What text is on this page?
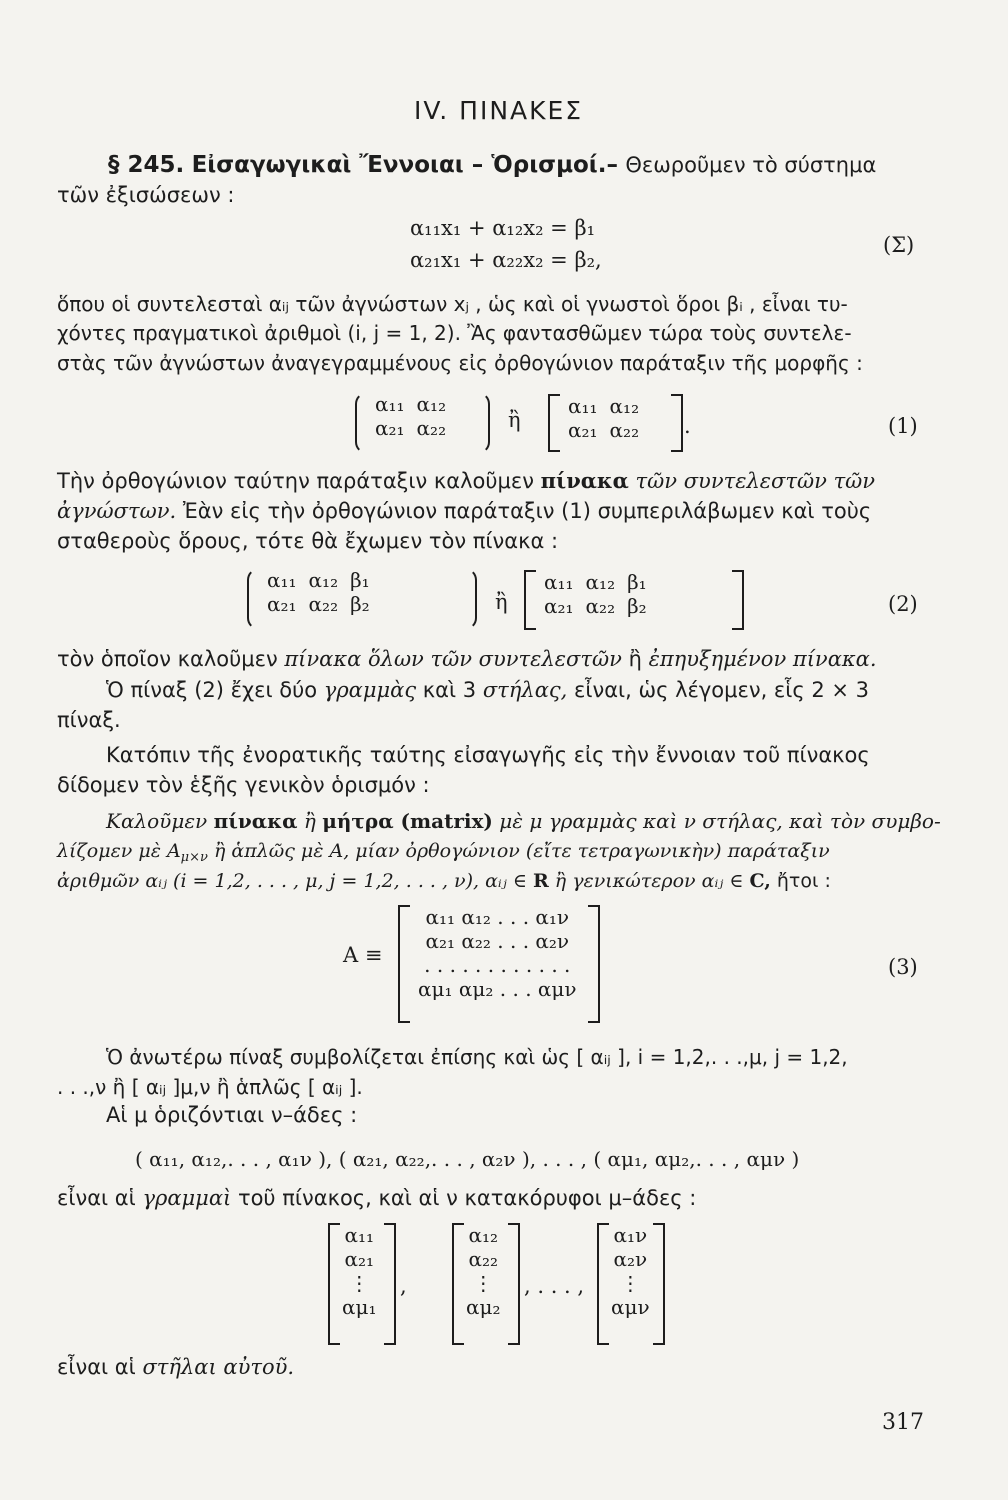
IV. ΠΙΝΑΚΕΣ
§ 245. Εἰσαγωγικαὶ Ἔννοιαι – Ὁρισμοί.– Θεωροῦμεν τὸ σύστημα
τῶν ἐξισώσεων :
α₁₁x₁ + α₁₂x₂ = β₁
α₂₁x₁ + α₂₂x₂ = β₂,
(Σ)
ὅπου οἱ συντελεσταὶ αᵢⱼ τῶν ἀγνώστων xⱼ , ὡς καὶ οἱ γνωστοὶ ὅροι βᵢ , εἶναι τυ-
χόντες πραγματικοὶ ἀριθμοὶ (i, j = 1, 2). Ἂς φαντασθῶμεν τώρα τοὺς συντελε-
στὰς τῶν ἀγνώστων ἀναγεγραμμένους εἰς ὀρθογώνιον παράταξιν τῆς μορφῆς :
α₁₁	α₁₂
α₂₁	α₂₂	ἢ
α₁₁	α₁₂
α₂₁	α₂₂ .	(1)
Τὴν ὀρθογώνιον ταύτην παράταξιν καλοῦμεν πίνακα τῶν συντελεστῶν τῶν
ἀγνώστων. Ἐὰν εἰς τὴν ὀρθογώνιον παράταξιν (1) συμπεριλάβωμεν καὶ τοὺς
σταθεροὺς ὅρους, τότε θὰ ἔχωμεν τὸν πίνακα :
α₁₁	α₁₂	β₁
α₂₁	α₂₂	β₂	ἢ
α₁₁	α₁₂	β₁
α₂₁	α₂₂	β₂	(2)
τὸν ὁποῖον καλοῦμεν πίνακα ὅλων τῶν συντελεστῶν ἢ ἐπηυξημένον πίνακα.
Ὁ πίναξ (2) ἔχει δύο γραμμὰς καὶ 3 στήλας, εἶναι, ὡς λέγομεν, εἷς 2 × 3
πίναξ.
Κατόπιν τῆς ἐνορατικῆς ταύτης εἰσαγωγῆς εἰς τὴν ἔννοιαν τοῦ πίνακος
δίδομεν τὸν ἑξῆς γενικὸν ὁρισμόν :
Καλοῦμεν πίνακα ἢ μήτρα (matrix) μὲ μ γραμμὰς καὶ ν στήλας, καὶ τὸν συμβο-
λίζομεν μὲ $A_{\mu\times\nu}$ ἢ ἁπλῶς μὲ A, μίαν ὀρθογώνιον (εἴτε τετραγωνικὴν) παράταξιν
ἀριθμῶν αᵢⱼ (i = 1,2, . . . , μ, j = 1,2, . . . , ν), αᵢⱼ ∈ R ἢ γενικώτερον αᵢⱼ ∈ C, ἤτοι :
A ≡
α₁₁ α₁₂ . . . α₁ν
α₂₁ α₂₂ . . . α₂ν
. . . . . . . . . . . .
αμ₁ αμ₂ . . . αμν
(3)
Ὁ ἀνωτέρω πίναξ συμβολίζεται ἐπίσης καὶ ὡς [ αᵢⱼ ], i = 1,2,. . .,μ, j = 1,2,
. . .,ν ἢ [ αᵢⱼ ]μ,ν ἢ ἁπλῶς [ αᵢⱼ ].
Αἱ μ ὁριζόντιαι ν–άδες :
( α₁₁, α₁₂,. . . , α₁ν ), ( α₂₁, α₂₂,. . . , α₂ν ), . . . , ( αμ₁, αμ₂,. . . , αμν )
εἶναι αἱ γραμμαὶ τοῦ πίνακος, καὶ αἱ ν κατακόρυφοι μ–άδες :
α₁₁
α₂₁
⋮
αμ₁
,
α₁₂
α₂₂
⋮
αμ₂
, . . . ,
α₁ν
α₂ν
⋮
αμν
εἶναι αἱ στῆλαι αὐτοῦ.
317
